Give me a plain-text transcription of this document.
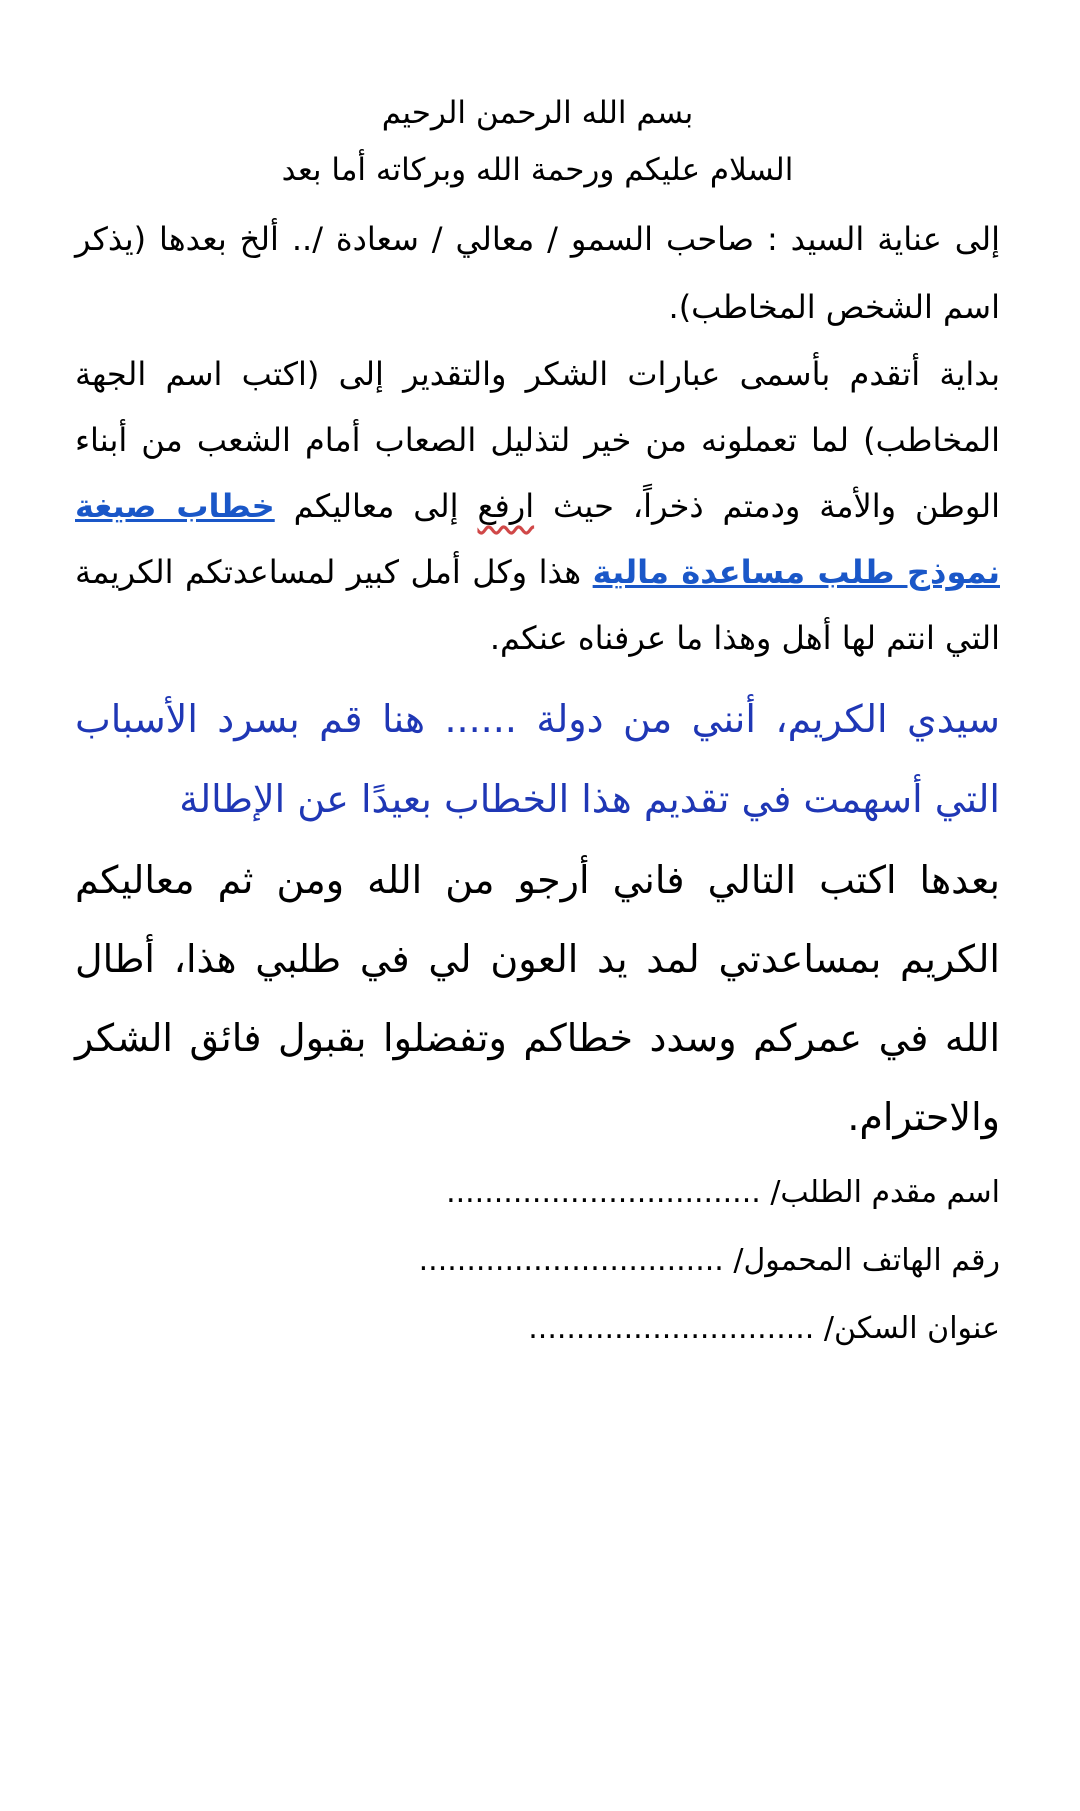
بسم الله الرحمن الرحيم

السلام عليكم ورحمة الله وبركاته أما بعد

إلى عناية السيد : صاحب السمو / معالي / سعادة /.. ألخ بعدها (يذكر اسم الشخص المخاطب).

بداية أتقدم بأسمى عبارات الشكر والتقدير إلى (اكتب اسم الجهة المخاطب) لما تعملونه من خير لتذليل الصعاب أمام الشعب من أبناء الوطن والأمة ودمتم ذخراً، حيث ارفع إلى معاليكم خطاب صيغة نموذج طلب مساعدة مالية هذا وكل أمل كبير لمساعدتكم الكريمة التي انتم لها أهل وهذا ما عرفناه عنكم.

سيدي الكريم، أنني من دولة ...... هنا قم بسرد الأسباب التي أسهمت في تقديم هذا الخطاب بعيدًا عن الإطالة

بعدها اكتب التالي فاني أرجو من الله ومن ثم معاليكم الكريم بمساعدتي لمد يد العون لي في طلبي هذا، أطال الله في عمركم وسدد خطاكم وتفضلوا بقبول فائق الشكر والاحترام.

اسم مقدم الطلب/ .................................
رقم الهاتف المحمول/ ................................
عنوان السكن/ ..............................
